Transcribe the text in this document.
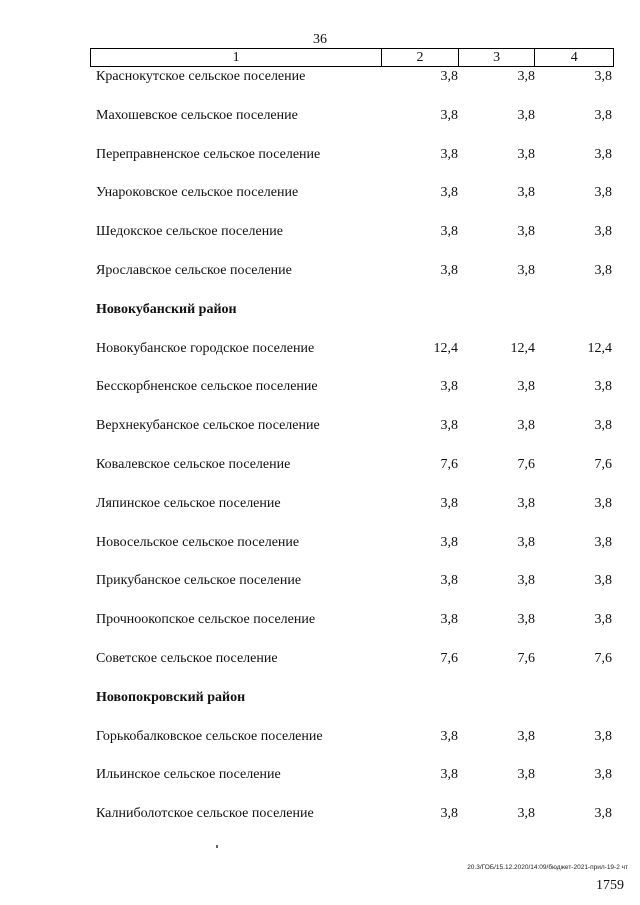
36
1	2	3	4
Краснокутское сельское поселение	3,8	3,8	3,8
Махошевское сельское поселение	3,8	3,8	3,8
Переправненское сельское поселение	3,8	3,8	3,8
Унароковское сельское поселение	3,8	3,8	3,8
Шедокское сельское поселение	3,8	3,8	3,8
Ярославское сельское поселение	3,8	3,8	3,8
Новокубанский район
Новокубанское городское поселение	12,4	12,4	12,4
Бесскорбненское сельское поселение	3,8	3,8	3,8
Верхнекубанское сельское поселение	3,8	3,8	3,8
Ковалевское сельское поселение	7,6	7,6	7,6
Ляпинское сельское поселение	3,8	3,8	3,8
Новосельское сельское поселение	3,8	3,8	3,8
Прикубанское сельское поселение	3,8	3,8	3,8
Прочноокопское сельское поселение	3,8	3,8	3,8
Советское сельское поселение	7,6	7,6	7,6
Новопокровский район
Горькобалковское сельское поселение	3,8	3,8	3,8
Ильинское сельское поселение	3,8	3,8	3,8
Калниболотское сельское поселение	3,8	3,8	3,8
20.3/ГОБ/15.12.2020/14:09/бюджет-2021-прил-19-2 чт
1759
